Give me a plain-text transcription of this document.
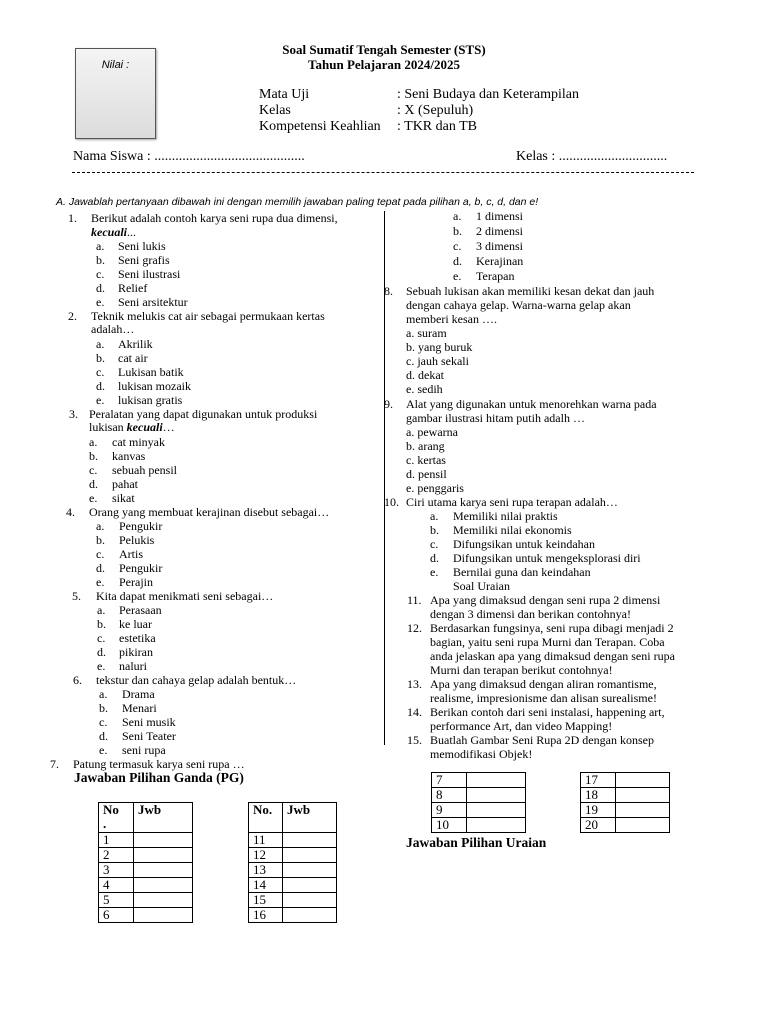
Nilai :
Soal Sumatif Tengah Semester (STS)
Tahun Pelajaran 2024/2025
Mata Uji	: Seni Budaya dan Keterampilan
Kelas	: X (Sepuluh)
Kompetensi Keahlian : TKR dan TB
Nama Siswa : ...........................................	Kelas : ...............................
A. Jawablah pertanyaan dibawah ini dengan memilih jawaban paling tepat pada pilihan a, b, c, d, dan e!
1. Berikut adalah contoh karya seni rupa dua dimensi,
kecuali...
a. Seni lukis
b. Seni grafis
c. Seni ilustrasi
d. Relief
e. Seni arsitektur
2. Teknik melukis cat air sebagai permukaan kertas
adalah…
a. Akrilik
b. cat air
c. Lukisan batik
d. lukisan mozaik
e. lukisan gratis
3. Peralatan yang dapat digunakan untuk produksi
lukisan kecuali…
a. cat minyak
b. kanvas
c. sebuah pensil
d. pahat
e. sikat
4. Orang yang membuat kerajinan disebut sebagai…
a. Pengukir
b. Pelukis
c. Artis
d. Pengukir
e. Perajin
5. Kita dapat menikmati seni sebagai…
a. Perasaan
b. ke luar
c. estetika
d. pikiran
e. naluri
6. tekstur dan cahaya gelap adalah bentuk…
a. Drama
b. Menari
c. Seni musik
d. Seni Teater
e. seni rupa
7. Patung termasuk karya seni rupa …
a. 1 dimensi
b. 2 dimensi
c. 3 dimensi
d. Kerajinan
e. Terapan
8. Sebuah lukisan akan memiliki kesan dekat dan jauh
dengan cahaya gelap. Warna-warna gelap akan
memberi kesan ….
a. suram
b. yang buruk
c. jauh sekali
d. dekat
e. sedih
9. Alat yang digunakan untuk menorehkan warna pada
gambar ilustrasi hitam putih adalh …
a. pewarna
b. arang
c. kertas
d. pensil
e. penggaris
10. Ciri utama karya seni rupa terapan adalah…
a. Memiliki nilai praktis
b. Memiliki nilai ekonomis
c. Difungsikan untuk keindahan
d. Difungsikan untuk mengeksplorasi diri
e. Bernilai guna dan keindahan
Soal Uraian
11. Apa yang dimaksud dengan seni rupa 2 dimensi
dengan 3 dimensi dan berikan contohnya!
12. Berdasarkan fungsinya, seni rupa dibagi menjadi 2
bagian, yaitu seni rupa Murni dan Terapan. Coba
anda jelaskan apa yang dimaksud dengan seni rupa
Murni dan terapan berikut contohnya!
13. Apa yang dimaksud dengan aliran romantisme,
realisme, impresionisme dan alisan surealisme!
14. Berikan contoh dari seni instalasi, happening art,
performance Art, dan video Mapping!
15. Buatlah Gambar Seni Rupa 2D dengan konsep
memodifikasi Objek!
Jawaban Pilihan Ganda (PG)
Jawaban Pilihan Uraian
No
.	Jwb
1	
2	
3	
4	
5	
6	
No.	Jwb
11	
12	
13	
14	
15	
16	
7	
8	
9	
10	
17	
18	
19	
20	
